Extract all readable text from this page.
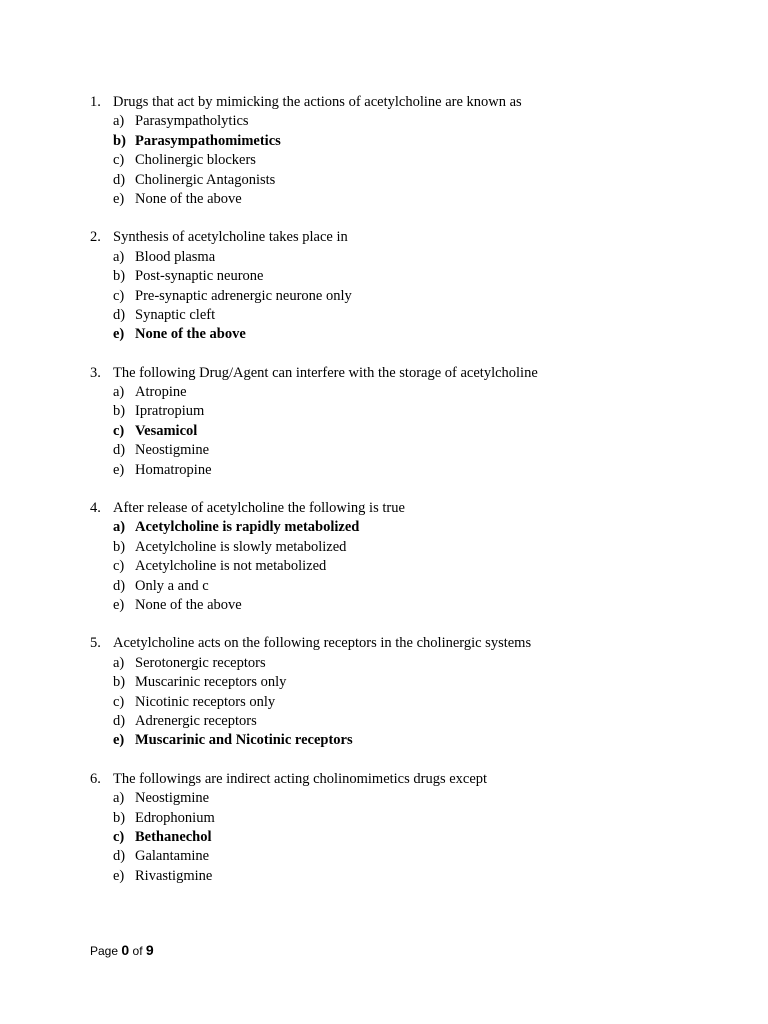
1. Drugs that act by mimicking the actions of acetylcholine are known as
a) Parasympatholytics
b) Parasympathomimetics
c) Cholinergic blockers
d) Cholinergic Antagonists
e) None of the above
2. Synthesis of acetylcholine takes place in
a) Blood plasma
b) Post-synaptic neurone
c) Pre-synaptic adrenergic neurone only
d) Synaptic cleft
e) None of the above
3. The following Drug/Agent can interfere with the storage of acetylcholine
a) Atropine
b) Ipratropium
c) Vesamicol
d) Neostigmine
e) Homatropine
4. After release of acetylcholine the following is true
a) Acetylcholine is rapidly metabolized
b) Acetylcholine is slowly metabolized
c) Acetylcholine is not metabolized
d) Only a and c
e) None of the above
5. Acetylcholine acts on the following receptors in the cholinergic systems
a) Serotonergic receptors
b) Muscarinic receptors only
c) Nicotinic receptors only
d) Adrenergic receptors
e) Muscarinic and Nicotinic receptors
6. The followings are indirect acting cholinomimetics drugs except
a) Neostigmine
b) Edrophonium
c) Bethanechol
d) Galantamine
e) Rivastigmine
Page 0 of 9
